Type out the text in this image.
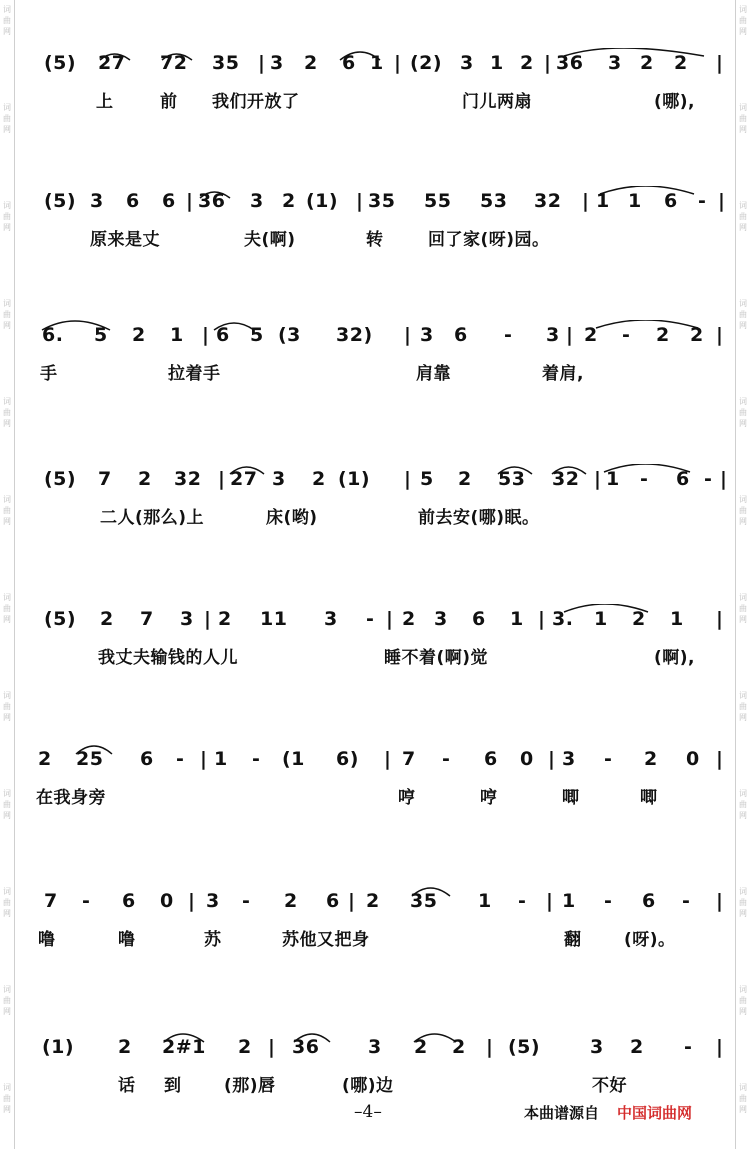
词
曲
网
词
曲
网
词
曲
网
词
曲
网
词
曲
网
词
曲
网
词
曲
网
词
曲
网
词
曲
网
词
曲
网
词
曲
网
词
曲
网
词
曲
网
词
曲
网
词
曲
网
词
曲
网
词
曲
网
词
曲
网
词
曲
网
词
曲
网
词
曲
网
词
曲
网
词
曲
网
词
曲
网
(5) 27 72 35 | 3 2 6 1 | (2) 3 1 2 | 36 3 2 2 |
上	前 我们开放了	门儿两扇	(哪),
(5) 3 6 6 | 36 3 2 (1) | 35 55 53 32 | 1 1 6 - |
原来是丈	夫(啊)	转	回了家(呀)园。
6. 5 2 1 | 6 5 (3 32) | 3 6 - 3 | 2 - 2 2 |
手	拉着手	肩靠	着肩,
(5) 7 2 32 | 27 3 2 (1) | 5 2 53 32 | 1 - 6 - |
二人(那么)上	床(哟)	前去安(哪)眠。
(5) 2 7 3 | 2 11 3 - | 2 3 6 1 | 3. 1 2 1 |
我丈夫输钱的人儿	睡不着(啊)觉	(啊),
2 25 6 - | 1 - (1 6) | 7 - 6 0 | 3 - 2 0 |
在我身旁	哼	哼	唧	唧
7 - 6 0 | 3 - 2 6 | 2 35 1 - | 1 - 6 - |
噜	噜	苏	苏他又把身	翻	(呀)。
(1) 2 2#1 2 | 36	3 2 2 | (5)	3 2 - |
话 到	(那)唇	(哪)边	不好
–4–	本曲谱源自 中国词曲网
